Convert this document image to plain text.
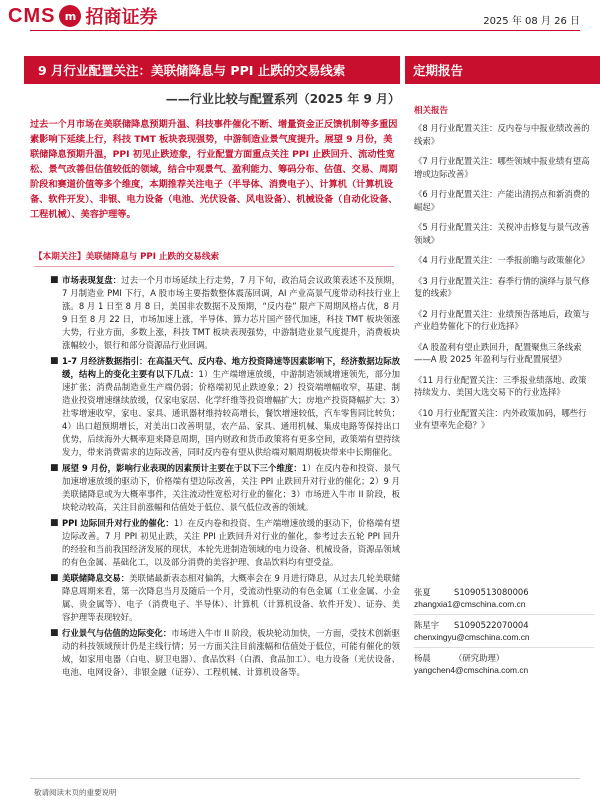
CMS m 招商证券	2025 年 08 月 26 日
9 月行业配置关注：美联储降息与 PPI 止跌的交易线索	定期报告
——行业比较与配置系列（2025 年 9 月）
过去一个月市场在美联储降息预期升温、科技事件催化不断、增量资金正反馈机制等多重因素影响下延续上行，科技 TMT 板块表现强势，中游制造业景气度提升。展望 9 月份，美联储降息预期升温，PPI 初见止跌迹象，行业配置方面重点关注 PPI 止跌回升、流动性宽松、景气改善但估值较低的领域，结合中观景气、盈利能力、筹码分布、估值、交易、周期阶段和赛道价值等多个维度，本期推荐关注电子（半导体、消费电子）、计算机（计算机设备、软件开发）、非银、电力设备（电池、光伏设备、风电设备）、机械设备（自动化设备、工程机械）、美容护理等。
【本期关注】美联储降息与 PPI 止跌的交易线索
■ 市场表现复盘：过去一个月市场延续上行走势，7 月下旬，政治局会议政策表述不及预期，7 月制造业 PMI 下行，A 股市场主要指数整体震荡回调，AI 产业高景气度带动科技行业上涨。8 月 1 日至 8 月 8 日，美国非农数据不及预期，“反内卷” 限产下周期风格占优，8 月 9 日至 8 月 22 日，市场加速上涨，半导体、算力芯片国产替代加速，科技 TMT 板块领涨大势，行业方面，多数上涨，科技 TMT 板块表现强势，中游制造业景气度提升，消费板块涨幅较小，银行和部分资源品行业回调。
■ 1-7 月经济数据指引：在高温天气、反内卷、地方投资降速等因素影响下，经济数据边际放缓，结构上的变化主要有以下几点：1）生产端增速放缓，中游制造领域增速领先，部分加速扩张；消费品制造业生产端仍弱；价格端初见止跌迹象；2）投资端增幅收窄，基建、制造业投资增速继续放缓，仅家电家居、化学纤维等投资增幅扩大；房地产投资降幅扩大；3）社零增速收窄，家电、家具、通讯器材维持较高增长，餐饮增速较低，汽车零售同比转负；4）出口超预期增长，对美出口改善明显，农产品、家具、通用机械、集成电路等保持出口优势，后续海外大概率迎来降息周期，国内财政和货币政策将有更多空间，政策端有望持续发力，带来消费需求的边际改善，同时反内卷有望从供给端对顺周期板块带来中长期催化。
■ 展望 9 月份，影响行业表现的因素预计主要在于以下三个维度：1）在反内卷和投资、景气加速增速放缓的驱动下，价格端有望边际改善，关注 PPI 止跌回升对行业的催化；2）9 月美联储降息或为大概率事件，关注流动性宽松对行业的催化；3）市场进入牛市 II 阶段，板块轮动较高，关注目前涨幅和估值处于低位、景气低位改善的领域。
■ PPI 边际回升对行业的催化：1）在反内卷和投资、生产端增速放缓的驱动下，价格端有望边际改善。7 月 PPI 初见止跌，关注 PPI 止跌回升对行业的催化，参考过去五轮 PPI 回升的经验和当前我国经济发展的现状，本轮先进制造领域的电力设备、机械设备，资源品领域的有色金属、基础化工，以及部分消费的美容护理、食品饮料均有望受益。
■ 美联储降息交易：美联储最新表态相对偏鸽，大概率会在 9 月进行降息，从过去几轮美联储降息周期来看，第一次降息当月及随后一个月，受流动性驱动的有色金属（工业金属、小金属、贵金属等）、电子（消费电子、半导体）、计算机（计算机设备、软件开发）、证券、美容护理等表现较好。
■ 行业景气与估值的边际变化：市场进入牛市 II 阶段，板块轮动加快，一方面，受技术创新驱动的科技领域预计仍是主线行情；另一方面关注目前涨幅和估值处于低位，可能有催化的领域，如家用电器（白电、厨卫电器）、食品饮料（白酒、食品加工）、电力设备（光伏设备、电池、电网设备）、非银金融（证券）、工程机械、计算机设备等。
相关报告
《8 月行业配置关注：反内卷与中报业绩改善的线索》
《7 月行业配置关注：哪些领域中报业绩有望高增或边际改善》
《6 月行业配置关注：产能出清拐点和新消费的崛起》
《5 月行业配置关注：关税冲击修复与景气改善领域》
《4 月行业配置关注：一季报前瞻与政策催化》
《3 月行业配置关注：春季行情的演绎与景气修复的线索》
《2 月行业配置关注：业绩预告落地后，政策与产业趋势催化下的行业选择》
《A 股盈利有望止跌回升，配置聚焦三条线索——A 股 2025 年盈利与行业配置展望》
《11 月行业配置关注：三季报业绩落地、政策持续发力、美国大选交易下的行业选择》
《10 月行业配置关注：内外政策加码，哪些行业有望率先企稳？》
张夏	S1090513080006
zhangxia1@cmschina.com.cn
陈星宇 S1090522070004
chenxingyu@cmschina.com.cn
杨晨	（研究助理）
yangchen4@cmschina.com.cn
敬请阅读末页的重要说明
